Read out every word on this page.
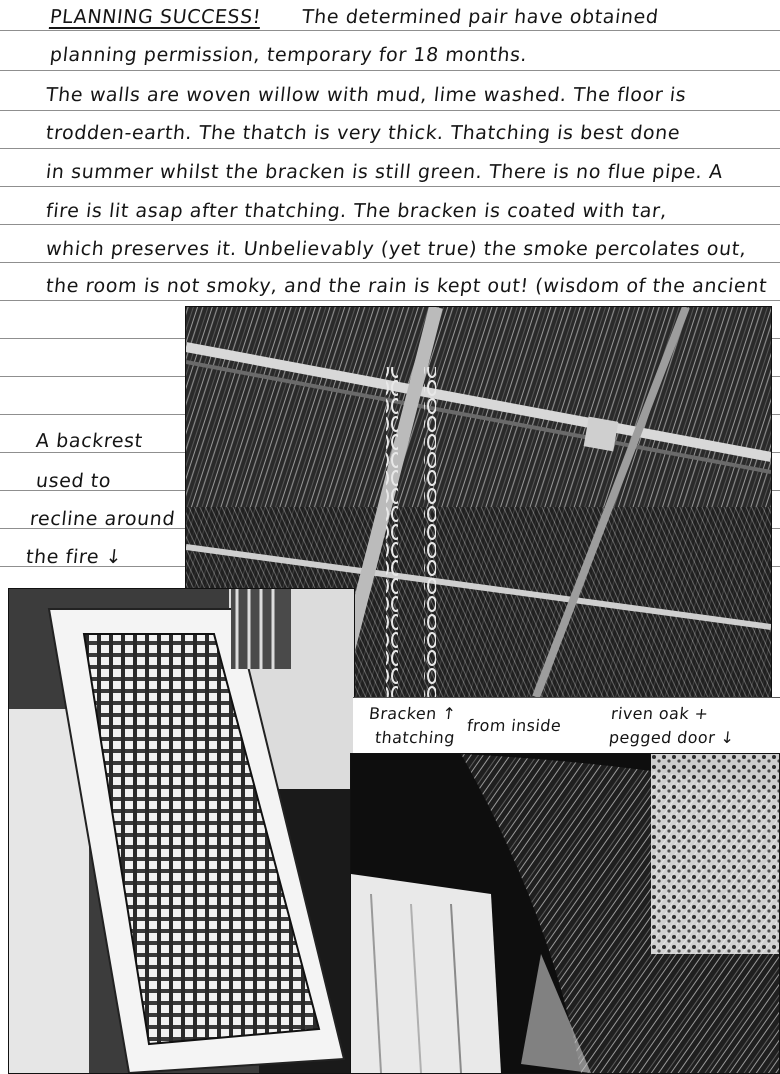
PLANNING SUCCESS! The determined pair have obtained
planning permission, temporary for 18 months.
The walls are woven willow with mud, lime washed. The floor is
trodden-earth. The thatch is very thick. Thatching is best done
in summer whilst the bracken is still green. There is no flue pipe. A
fire is lit asap after thatching. The bracken is coated with tar,
which preserves it. Unbelievably (yet true) the smoke percolates out,
the room is not smoky, and the rain is kept out! (wisdom of the ancient
A backrest
used to
recline around
the fire ↓
Bracken ↑
thatching
from inside
riven oak +
pegged door ↓
